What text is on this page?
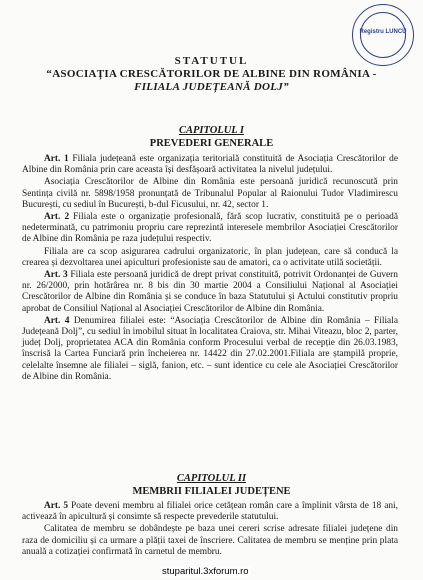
Registru LUNCU
STATUTUL
“ASOCIAȚIA CRESCĂTORILOR DE ALBINE DIN ROMÂNIA -
FILIALA JUDEȚEANĂ DOLJ”
CAPITOLUL I
PREVEDERI GENERALE

Art. 1 Filiala județeană este organizația teritorială constituită de Asociația Crescătorilor de Albine din România prin care aceasta își desfășoară activitatea la nivelul județului.

Asociația Crescătorilor de Albine din România este persoană juridică recunoscută prin Sentința civilă nr. 5898/1958 pronunțată de Tribunalul Popular al Raionului Tudor Vladimirescu București, cu sediul în București, b-dul Ficusului, nr. 42, sector 1.

Art. 2 Filiala este o organizație profesională, fără scop lucrativ, constituită pe o perioadă nedeterminată, cu patrimoniu propriu care reprezintă interesele membrilor Asociației Crescătorilor de Albine din România pe raza județului respectiv.

Filiala are ca scop asigurarea cadrului organizatoric, în plan județean, care să conducă la crearea și dezvoltarea unei apiculturi profesioniste sau de amatori, ca o activitate utilă societății.

Art. 3 Filiala este persoană juridică de drept privat constituită, potrivit Ordonanței de Guvern nr. 26/2000, prin hotărârea nr. 8 bis din 30 martie 2004 a Consiliului Național al Asociației Crescătorilor de Albine din România și se conduce în baza Statutului și Actului constitutiv propriu aprobat de Consiliul Național al Asociației Crescătorilor de Albine din România.

Art. 4 Denumirea filialei este: “Asociația Crescătorilor de Albine din România – Filiala Județeană Dolj”, cu sediul în imobilul situat în localitatea Craiova, str. Mihai Viteazu, bloc 2, parter, județ Dolj, proprietatea ACA din România conform Procesului verbal de recepție din 26.03.1983, înscrisă la Cartea Funciară prin încheierea nr. 14422 din 27.02.2001.Filiala are ștampilă proprie, celelalte însemne ale filialei – siglă, fanion, etc. – sunt identice cu cele ale Asociației Crescătorilor de Albine din România.

CAPITOLUL II
MEMBRII FILIALEI JUDEȚENE

Art. 5 Poate deveni membru al filialei orice cetățean român care a împlinit vârsta de 18 ani, activează în apicultură și consimte să respecte prevederile statutului.

Calitatea de membru se dobândește pe baza unei cereri scrise adresate filialei județene din raza de domiciliu și ca urmare a plății taxei de înscriere. Calitatea de membru se menține prin plata anuală a cotizației confirmată în carnetul de membru.

stuparitul.3xforum.ro
